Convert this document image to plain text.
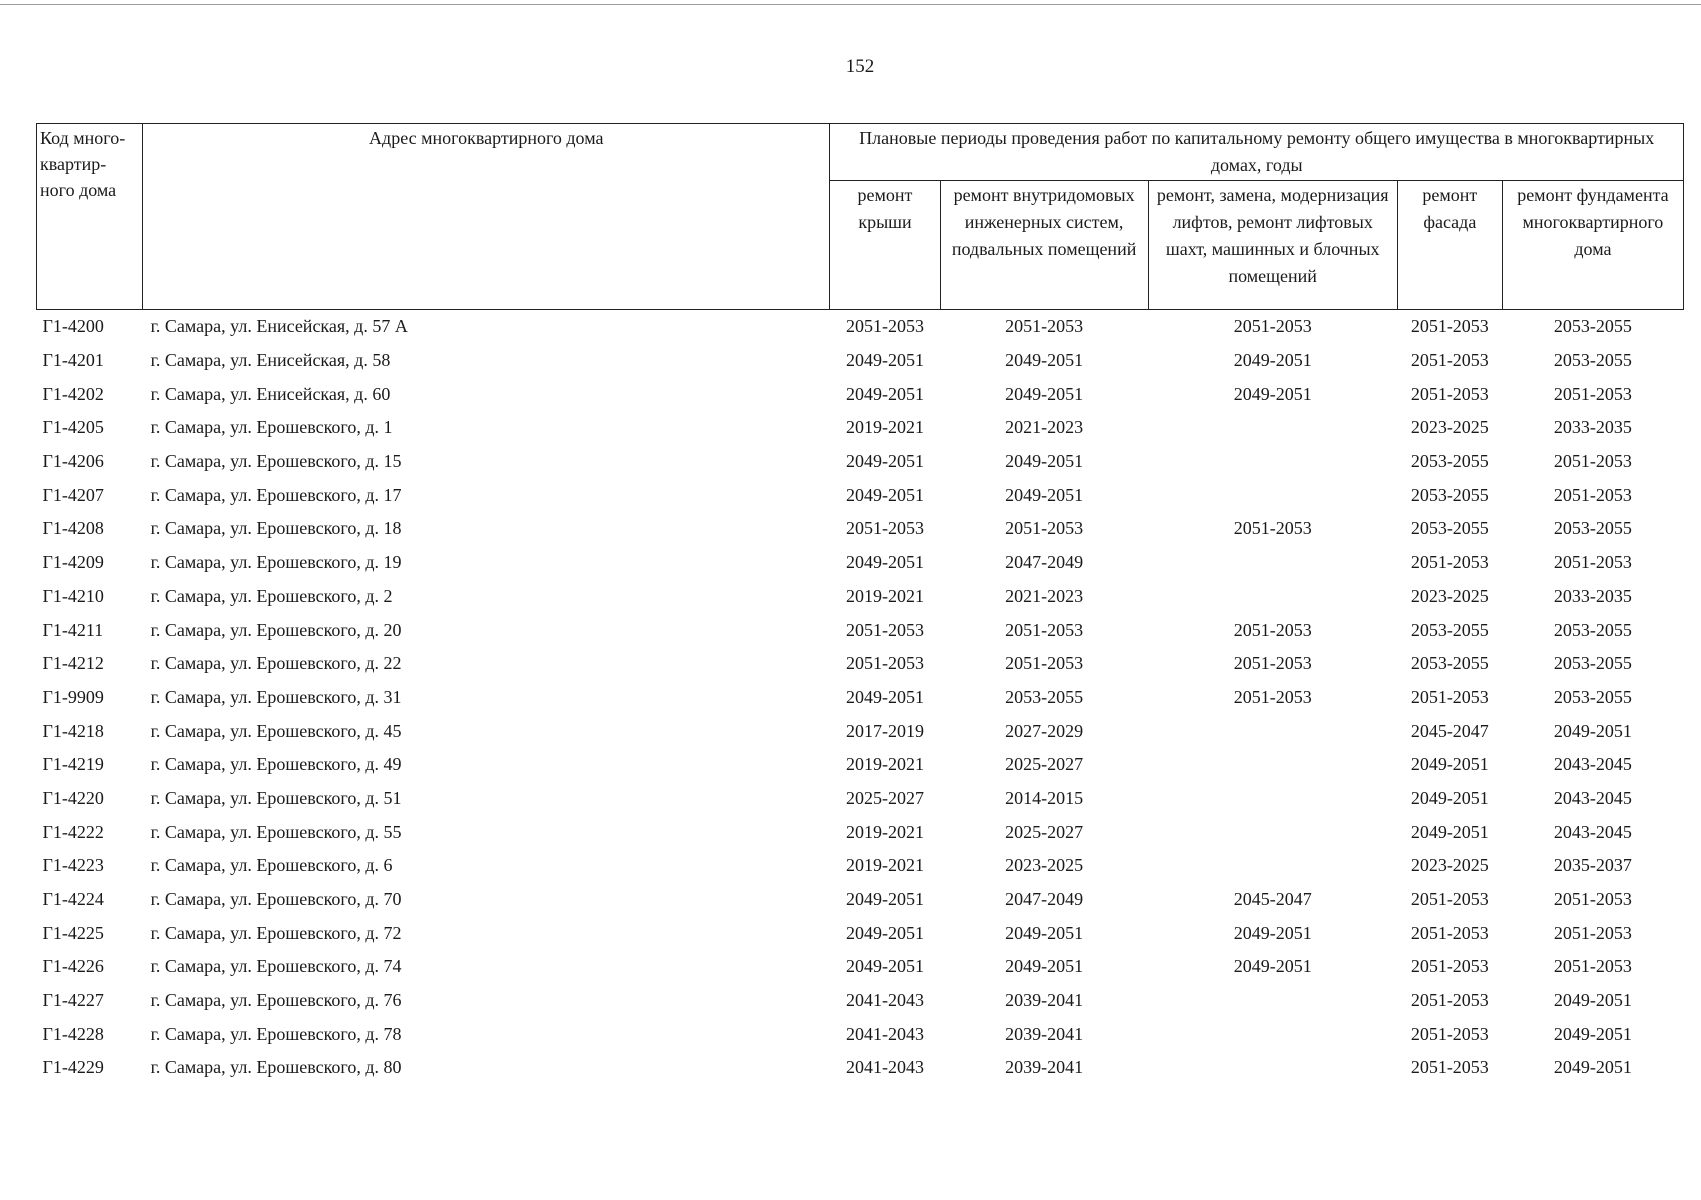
152
Код много-квартир-ного дома	Адрес многоквартирного дома	Плановые периоды проведения работ по капитальному ремонту общего имущества в многоквартирных домах, годы				
		ремонт крыши	ремонт внутридомовых инженерных систем, подвальных помещений	ремонт, замена, модернизация лифтов, ремонт лифтовых шахт, машинных и блочных помещений	ремонт фасада	ремонт фундамента многоквартирного дома
Г1-4200	г. Самара, ул. Енисейская, д. 57 А	2051-2053	2051-2053	2051-2053	2051-2053	2053-2055
Г1-4201	г. Самара, ул. Енисейская, д. 58	2049-2051	2049-2051	2049-2051	2051-2053	2053-2055
Г1-4202	г. Самара, ул. Енисейская, д. 60	2049-2051	2049-2051	2049-2051	2051-2053	2051-2053
Г1-4205	г. Самара, ул. Ерошевского, д. 1	2019-2021	2021-2023		2023-2025	2033-2035
Г1-4206	г. Самара, ул. Ерошевского, д. 15	2049-2051	2049-2051		2053-2055	2051-2053
Г1-4207	г. Самара, ул. Ерошевского, д. 17	2049-2051	2049-2051		2053-2055	2051-2053
Г1-4208	г. Самара, ул. Ерошевского, д. 18	2051-2053	2051-2053	2051-2053	2053-2055	2053-2055
Г1-4209	г. Самара, ул. Ерошевского, д. 19	2049-2051	2047-2049		2051-2053	2051-2053
Г1-4210	г. Самара, ул. Ерошевского, д. 2	2019-2021	2021-2023		2023-2025	2033-2035
Г1-4211	г. Самара, ул. Ерошевского, д. 20	2051-2053	2051-2053	2051-2053	2053-2055	2053-2055
Г1-4212	г. Самара, ул. Ерошевского, д. 22	2051-2053	2051-2053	2051-2053	2053-2055	2053-2055
Г1-9909	г. Самара, ул. Ерошевского, д. 31	2049-2051	2053-2055	2051-2053	2051-2053	2053-2055
Г1-4218	г. Самара, ул. Ерошевского, д. 45	2017-2019	2027-2029		2045-2047	2049-2051
Г1-4219	г. Самара, ул. Ерошевского, д. 49	2019-2021	2025-2027		2049-2051	2043-2045
Г1-4220	г. Самара, ул. Ерошевского, д. 51	2025-2027	2014-2015		2049-2051	2043-2045
Г1-4222	г. Самара, ул. Ерошевского, д. 55	2019-2021	2025-2027		2049-2051	2043-2045
Г1-4223	г. Самара, ул. Ерошевского, д. 6	2019-2021	2023-2025		2023-2025	2035-2037
Г1-4224	г. Самара, ул. Ерошевского, д. 70	2049-2051	2047-2049	2045-2047	2051-2053	2051-2053
Г1-4225	г. Самара, ул. Ерошевского, д. 72	2049-2051	2049-2051	2049-2051	2051-2053	2051-2053
Г1-4226	г. Самара, ул. Ерошевского, д. 74	2049-2051	2049-2051	2049-2051	2051-2053	2051-2053
Г1-4227	г. Самара, ул. Ерошевского, д. 76	2041-2043	2039-2041		2051-2053	2049-2051
Г1-4228	г. Самара, ул. Ерошевского, д. 78	2041-2043	2039-2041		2051-2053	2049-2051
Г1-4229	г. Самара, ул. Ерошевского, д. 80	2041-2043	2039-2041		2051-2053	2049-2051
